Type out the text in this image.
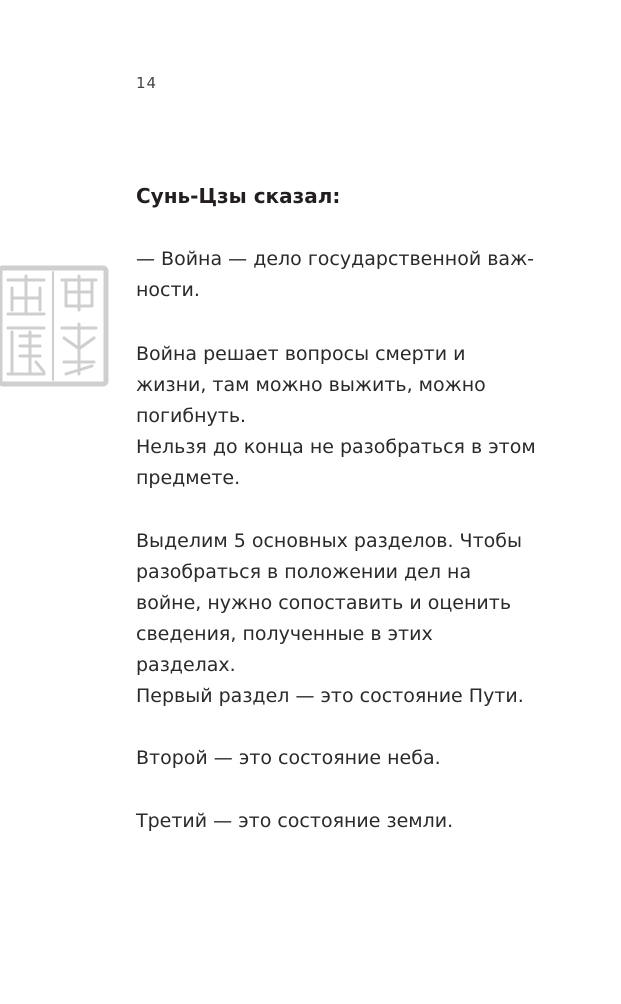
14
Сунь-Цзы сказал:

— Война — дело государственной важ-ности.

Война решает вопросы смерти и жизни, там можно выжить, можно погибнуть.

Нельзя до конца не разобраться в этом предмете.

Выделим 5 основных разделов. Чтобы разобраться в положении дел на войне, нужно сопоставить и оценить сведения, полученные в этих разделах.

Первый раздел — это состояние Пути.

Второй — это состояние неба.

Третий — это состояние земли.
